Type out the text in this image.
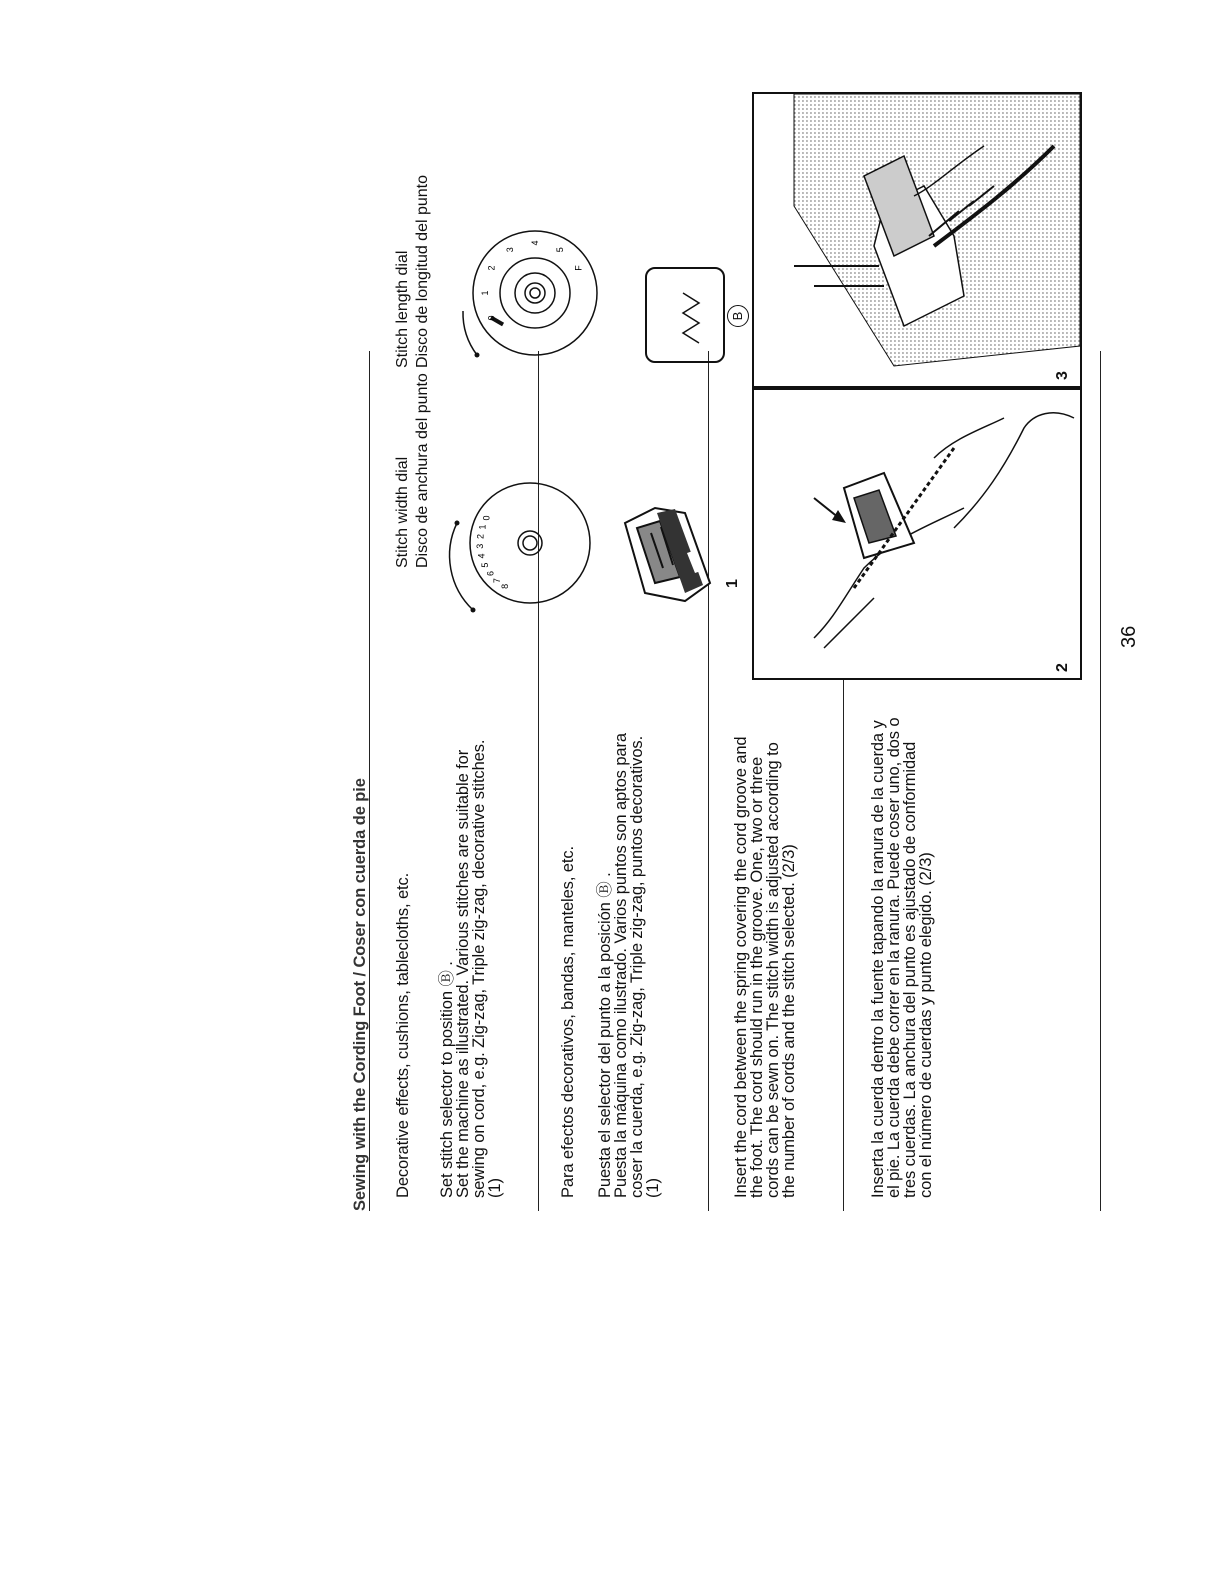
Sewing with the Cording Foot / Coser con cuerda de pie Decorative effects, cushions, tablecloths, etc. Set stitch selector to position Ⓑ .
Set the machine as illustrated. Various stitches are suitable for
sewing on cord, e.g. Zig-zag, Triple zig-zag, decorative stitches.
(1)	Para efectos decorativos, bandas, manteles, etc. Puesta el selector del punto a la posición Ⓑ .
Puesta la máquina como ilustrado. Varios puntos son aptos para
coser la cuerda, e.g. Zig-zag, Triple zig-zag, puntos decorativos.
(1)	Insert the cord between the spring covering the cord groove and
the foot. The cord should run in the groove. One, two or three
cords can be sewn on. The stitch width is adjusted according to
the number of cords and the stitch selected. (2/3)
Inserta la cuerda dentro la fuente tapando la ranura de la cuerda y
el pie. La cuerda debe correr en la ranura. Puede coser uno, dos o
tres cuerdas. La anchura del punto es ajustado de conformidad
con el número de cuerdas y punto elegido. (2/3)
Stitch width dial Disco de anchura del punto
Stitch length dial Disco de longitud del punto
8
7
6
5
4
3
2
1
0
0
1
2
3
4
5
F
1
B
2
3
36
